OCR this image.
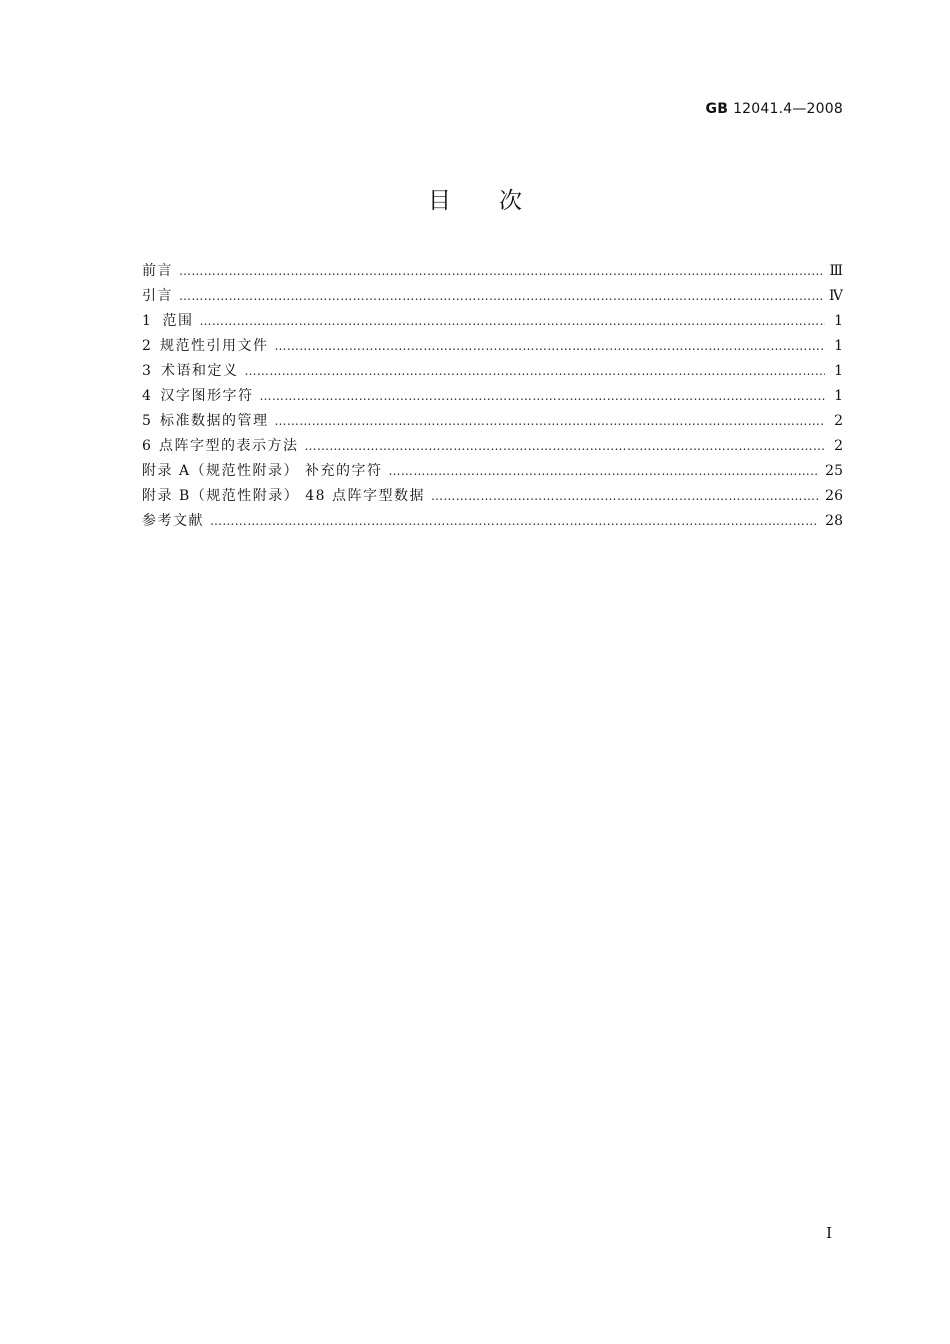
GB 12041.4—2008
目次
前言 …………………………………………………………………………………………………………………………………………………………………………	Ⅲ
引言 …………………………………………………………………………………………………………………………………………………………………………	Ⅳ
1 范围 …………………………………………………………………………………………………………………………………………………………………………	1
2 规范性引用文件 …………………………………………………………………………………………………………………………………………………………………………	1
3 术语和定义 …………………………………………………………………………………………………………………………………………………………………………	1
4 汉字图形字符 …………………………………………………………………………………………………………………………………………………………………………	1
5 标准数据的管理 …………………………………………………………………………………………………………………………………………………………………………	2
6 点阵字型的表示方法 …………………………………………………………………………………………………………………………………………………………………………	2
附录 A（规范性附录） 补充的字符 …………………………………………………………………………………………………………………………………………………………………………	25
附录 B（规范性附录） 48 点阵字型数据 …………………………………………………………………………………………………………………………………………………………………………	26
参考文献 …………………………………………………………………………………………………………………………………………………………………………	28
Ⅰ
